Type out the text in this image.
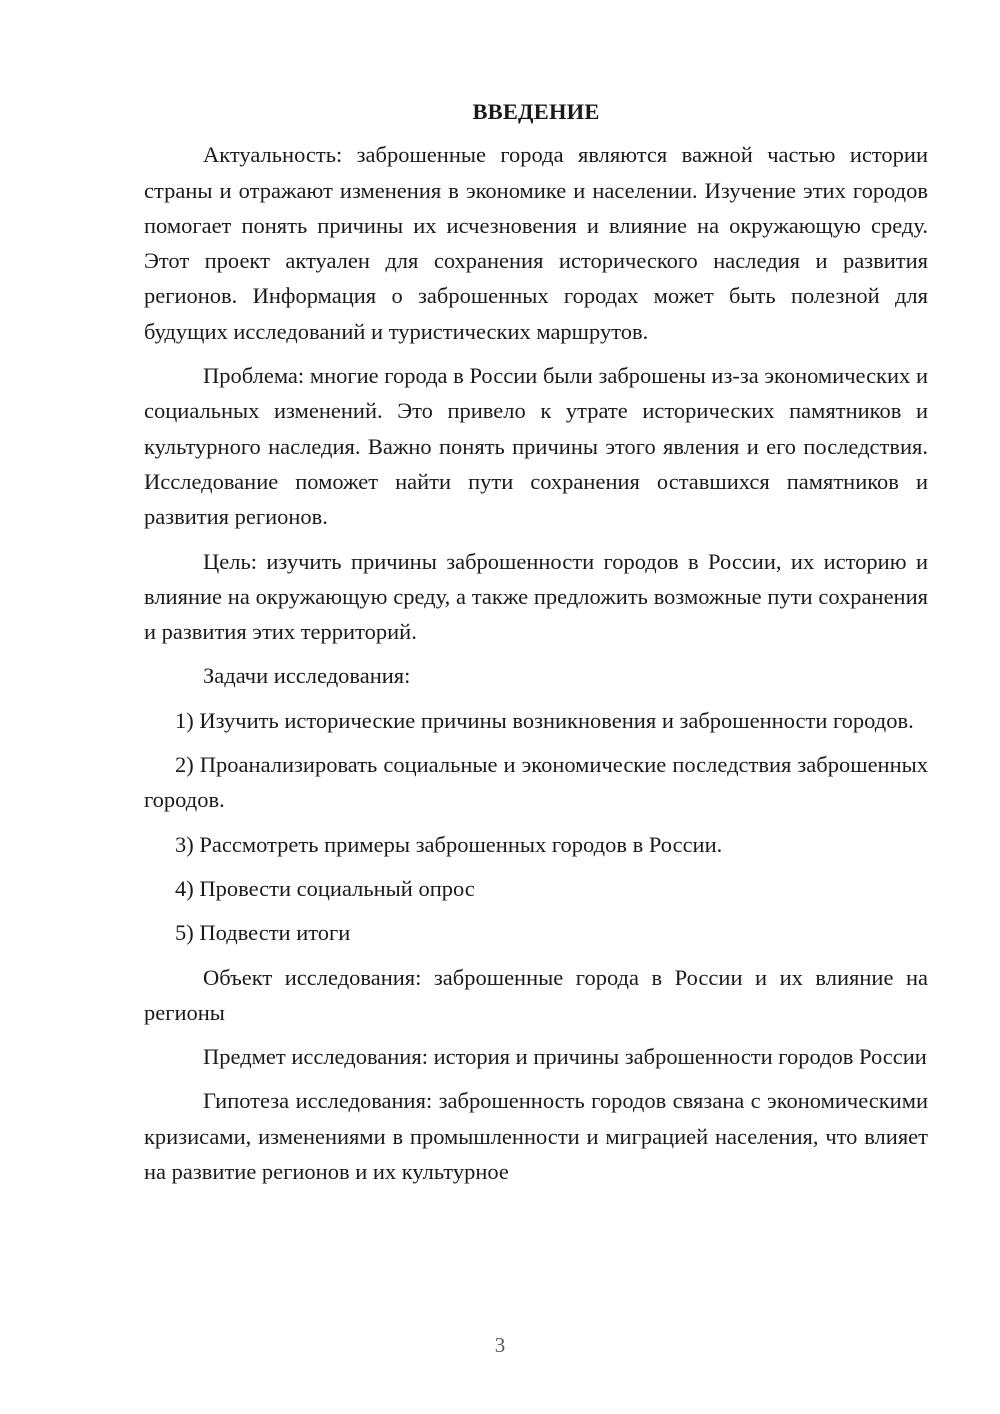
ВВЕДЕНИЕ

Актуальность: заброшенные города являются важной частью истории страны и отражают изменения в экономике и населении. Изучение этих городов помогает понять причины их исчезновения и влияние на окружающую среду. Этот проект актуален для сохранения исторического наследия и развития регионов. Информация о заброшенных городах может быть полезной для будущих исследований и туристических маршрутов.

Проблема: многие города в России были заброшены из-за экономических и социальных изменений. Это привело к утрате исторических памятников и культурного наследия. Важно понять причины этого явления и его последствия. Исследование поможет найти пути сохранения оставшихся памятников и развития регионов.

Цель: изучить причины заброшенности городов в России, их историю и влияние на окружающую среду, а также предложить возможные пути сохранения и развития этих территорий.

Задачи исследования:

1) Изучить исторические причины возникновения и заброшенности городов.

2) Проанализировать социальные и экономические последствия заброшенных городов.

3) Рассмотреть примеры заброшенных городов в России.

4) Провести социальный опрос

5) Подвести итоги

Объект исследования: заброшенные города в России и их влияние на регионы

Предмет исследования: история и причины заброшенности городов России

Гипотеза исследования: заброшенность городов связана с экономическими кризисами, изменениями в промышленности и миграцией населения, что влияет на развитие регионов и их культурное

3
